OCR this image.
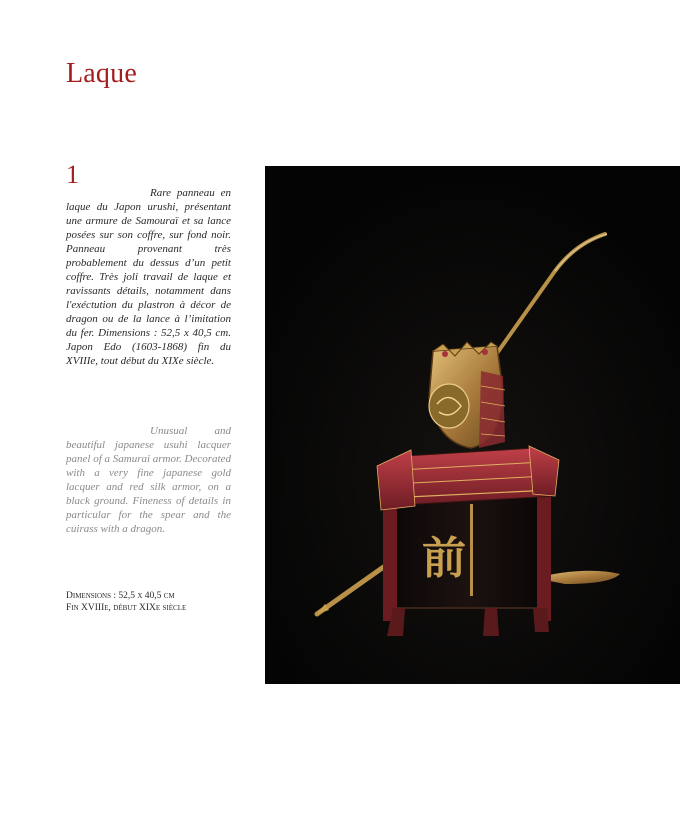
Laque
1

Rare panneau en laque du Japon urushi, présentant une armure de Samouraï et sa lance posées sur son coffre, sur fond noir. Panneau provenant très probablement du dessus d’un petit coffre. Très joli travail de laque et ravissants détails, notamment dans l'exéctution du plastron à décor de dragon ou de la lance à l’imitation du fer. Dimensions : 52,5 x 40,5 cm. Japon Edo (1603-1868) fin du XVIIIe, tout début du XIXe siècle.

Unusual and beautiful japanese usuhi lacquer panel of a Samurai armor. Decorated with a very fine japanese gold lacquer and red silk armor, on a black ground. Fineness of details in particular for the spear and the cuirass with a dragon.

Dimensions : 52,5 x 40,5 cm
Fin XVIIIe, début XIXe siècle
前
